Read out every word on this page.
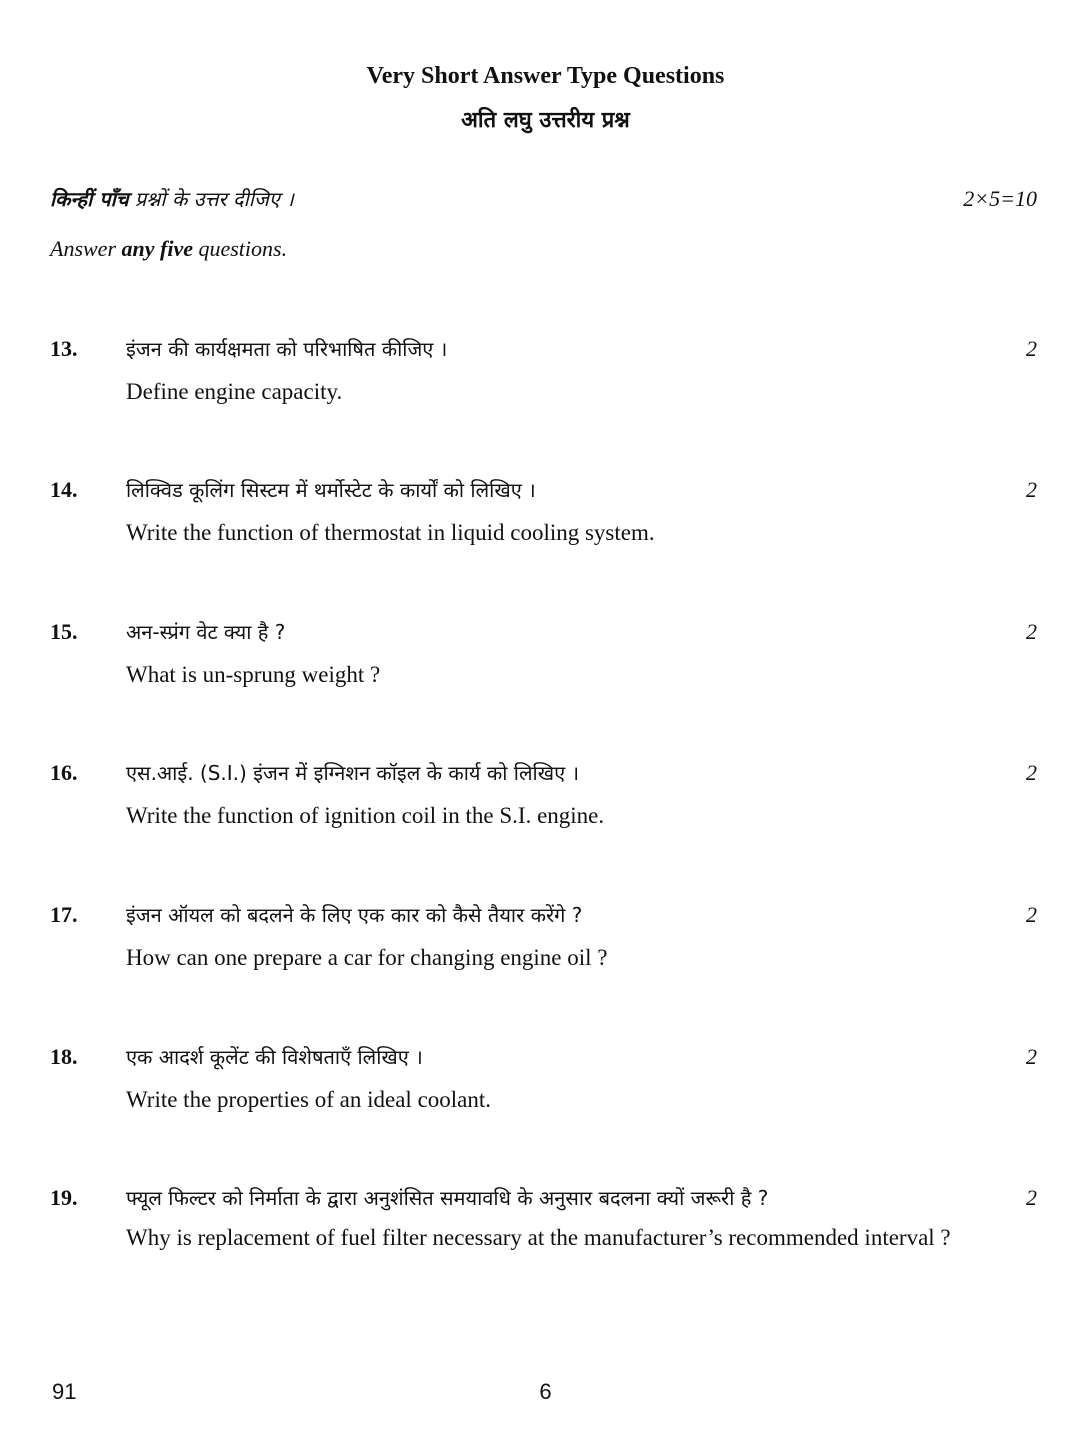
Very Short Answer Type Questions
अति लघु उत्तरीय प्रश्न
किन्हीं पाँच प्रश्नों के उत्तर दीजिए ।	2×5=10
Answer any five questions.
13. इंजन की कार्यक्षमता को परिभाषित कीजिए ।
Define engine capacity.
2
14. लिक्विड कूलिंग सिस्टम में थर्मोस्टेट के कार्यों को लिखिए ।
Write the function of thermostat in liquid cooling system.
2
15. अन-स्प्रंग वेट क्या है ?
What is un-sprung weight ?
2
16. एस.आई. (S.I.) इंजन में इग्निशन कॉइल के कार्य को लिखिए ।
Write the function of ignition coil in the S.I. engine.
2
17. इंजन ऑयल को बदलने के लिए एक कार को कैसे तैयार करेंगे ?
How can one prepare a car for changing engine oil ?
2
18. एक आदर्श कूलेंट की विशेषताएँ लिखिए ।
Write the properties of an ideal coolant.
2
19. फ्यूल फिल्टर को निर्माता के द्वारा अनुशंसित समयावधि के अनुसार बदलना क्यों जरूरी है ?
Why is replacement of fuel filter necessary at the manufacturer’s recommended interval ?
2
91	6
